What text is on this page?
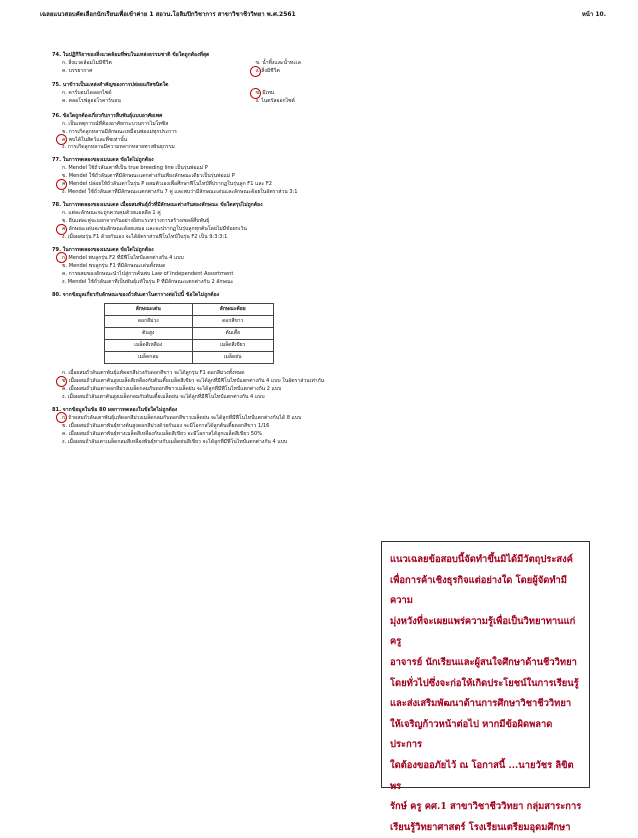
เฉลยแนวสอบคัดเลือกนักเรียนเพื่อเข้าค่าย 1 สอวน.โอลิมปิกวิชาการ สาขาวิชาชีววิทยา พ.ศ.2561	หน้า 10.
74. ในปฏิกิริยาของสิ่งแวดล้อมที่พบในแหล่งธรรมชาติ ข้อใดถูกต้องที่สุด
ก. สิ่งแวดล้อมไม่มีชีวิต	ข. น้ำทิ้งและน้ำทะเล
ค. บรรยากาศ	ง. สิ่งมีชีวิต
75. นาข้าวเป็นแหล่งสำคัญของการปล่อยแก๊สชนิดใด
ก. คาร์บอนไดออกไซด์	ข. มีเทน
ค. คลอโรฟลูออโรคาร์บอน	ง. ไนตรัสออกไซด์
76. ข้อใดถูกต้องเกี่ยวกับการสืบพันธุ์แบบอาศัยเพศ
ก. เป็นเหตุการณ์ที่ต้องอาศัยกระบวนการไมโทซิส
ข. การเกิดลูกหลานมีลักษณะเหมือนพ่อแม่ทุกประการ
ค. พบได้ในสัตว์และพืชเท่านั้น
ง. การเกิดลูกหลานมีความหลากหลายทางพันธุกรรม
77. ในการทดลองของเมนเดล ข้อใดไม่ถูกต้อง
ก. Mendel ใช้ถั่วลันเตาที่เป็น true breeding line เป็นรุ่นพ่อแม่ P
ข. Mendel ใช้ถั่วลันเตาที่มีลักษณะแตกต่างกันเพียงลักษณะเดียวเป็นรุ่นพ่อแม่ P
ค. Mendel ปล่อยให้ถั่วลันเตาในรุ่น P ผสมตัวเองเพื่อศึกษาฟีโนไทป์ที่ปรากฏในรุ่นลูก F1 และ F2
ง. Mendel ใช้ถั่วลันเตาที่มีลักษณะแตกต่างกัน 7 คู่ และพบว่ามีลักษณะเด่นและลักษณะด้อยในอัตราส่วน 3:1
78. ในการทดลองของเมนเดล เมื่อผสมพันธุ์ถั่วที่มีลักษณะต่างกันสองลักษณะ ข้อใดสรุปไม่ถูกต้อง
ก. แต่ละลักษณะจะถูกควบคุมด้วยแอลลีล 1 คู่
ข. ยีนแต่ละคู่จะแยกจากกันอย่างอิสระระหว่างการสร้างเซลล์สืบพันธุ์
ค. ลักษณะเด่นจะข่มลักษณะด้อยเสมอ และจะปรากฏในรุ่นลูกทุกต้นโดยไม่มีข้อยกเว้น
ง. เมื่อผสมรุ่น F1 ด้วยกันเอง จะได้อัตราส่วนฟีโนไทป์ในรุ่น F2 เป็น 9:3:3:1
79. ในการทดลองของเมนเดล ข้อใดไม่ถูกต้อง
ก. Mendel พบลูกรุ่น F2 ที่มีฟีโนไทป์แตกต่างกัน 4 แบบ
ข. Mendel พบลูกรุ่น F1 ที่มีลักษณะเด่นทั้งหมด
ค. การผสมของลักษณะนำไปสู่การค้นพบ Law of Independent Assortment
ง. Mendel ใช้ถั่วลันเตาที่เป็นพันธุ์แท้ในรุ่น P ที่มีลักษณะแตกต่างกัน 2 ลักษณะ
80. จากข้อมูลเกี่ยวกับลักษณะของถั่วลันเตาในตารางต่อไปนี้ ข้อใดไม่ถูกต้อง
ลักษณะเด่น	ลักษณะด้อย
ดอกสีม่วง	ดอกสีขาว
ต้นสูง	ต้นเตี้ย
เมล็ดสีเหลือง	เมล็ดสีเขียว
เมล็ดกลม	เมล็ดย่น
ก. เมื่อผสมถั่วลันเตาพันธุ์แท้ดอกสีม่วงกับดอกสีขาว จะได้ลูกรุ่น F1 ดอกสีม่วงทั้งหมด
ข. เมื่อผสมถั่วลันเตาต้นสูงเมล็ดสีเหลืองกับต้นเตี้ยเมล็ดสีเขียว จะได้ลูกที่มีฟีโนไทป์แตกต่างกัน 4 แบบ ในอัตราส่วนเท่ากัน
ค. เมื่อผสมถั่วลันเตาดอกสีม่วงเมล็ดกลมกับดอกสีขาวเมล็ดย่น จะได้ลูกที่มีฟีโนไทป์แตกต่างกัน 2 แบบ
ง. เมื่อผสมถั่วลันเตาต้นสูงเมล็ดกลมกับต้นเตี้ยเมล็ดย่น จะได้ลูกที่มีฟีโนไทป์แตกต่างกัน 4 แบบ
81. จากข้อมูลในข้อ 80 ผลการทดลองในข้อใดไม่ถูกต้อง
ก. ถ้าผสมถั่วลันเตาพันธุ์แท้ดอกสีม่วงเมล็ดกลมกับดอกสีขาวเมล็ดย่น จะได้ลูกที่มีฟีโนไทป์แตกต่างกันได้ 8 แบบ
ข. เมื่อผสมถั่วลันเตาพันธุ์ทางต้นสูงดอกสีม่วงด้วยกันเอง จะมีโอกาสได้ลูกต้นเตี้ยดอกสีขาว 1/16
ค. เมื่อผสมถั่วลันเตาพันธุ์ทางเมล็ดสีเหลืองกับเมล็ดสีเขียว จะมีโอกาสได้ลูกเมล็ดสีเขียว 50%
ง. เมื่อผสมถั่วลันเตาเมล็ดกลมสีเหลืองพันธุ์ทางกับเมล็ดย่นสีเขียว จะได้ลูกที่มีฟีโนไทป์แตกต่างกัน 4 แบบ
แนวเฉลยข้อสอบนี้จัดทำขึ้นมิได้มีวัตถุประสงค์
เพื่อการค้าเชิงธุรกิจแต่อย่างใด โดยผู้จัดทำมีความ
มุ่งหวังที่จะเผยแพร่ความรู้เพื่อเป็นวิทยาทานแก่ครู
อาจารย์ นักเรียนและผู้สนใจศึกษาด้านชีววิทยา
โดยทั่วไปซึ่งจะก่อให้เกิดประโยชน์ในการเรียนรู้
และส่งเสริมพัฒนาด้านการศึกษาวิชาชีววิทยา
ให้เจริญก้าวหน้าต่อไป หากมีข้อผิดพลาดประการ
ใดต้องขออภัยไว้ ณ โอกาสนี้ ...นายวัชร ลิขิตพร
รักษ์ ครู คศ.1 สาขาวิชาชีววิทยา กลุ่มสาระการ
เรียนรู้วิทยาศาสตร์ โรงเรียนเตรียมอุดมศึกษา
